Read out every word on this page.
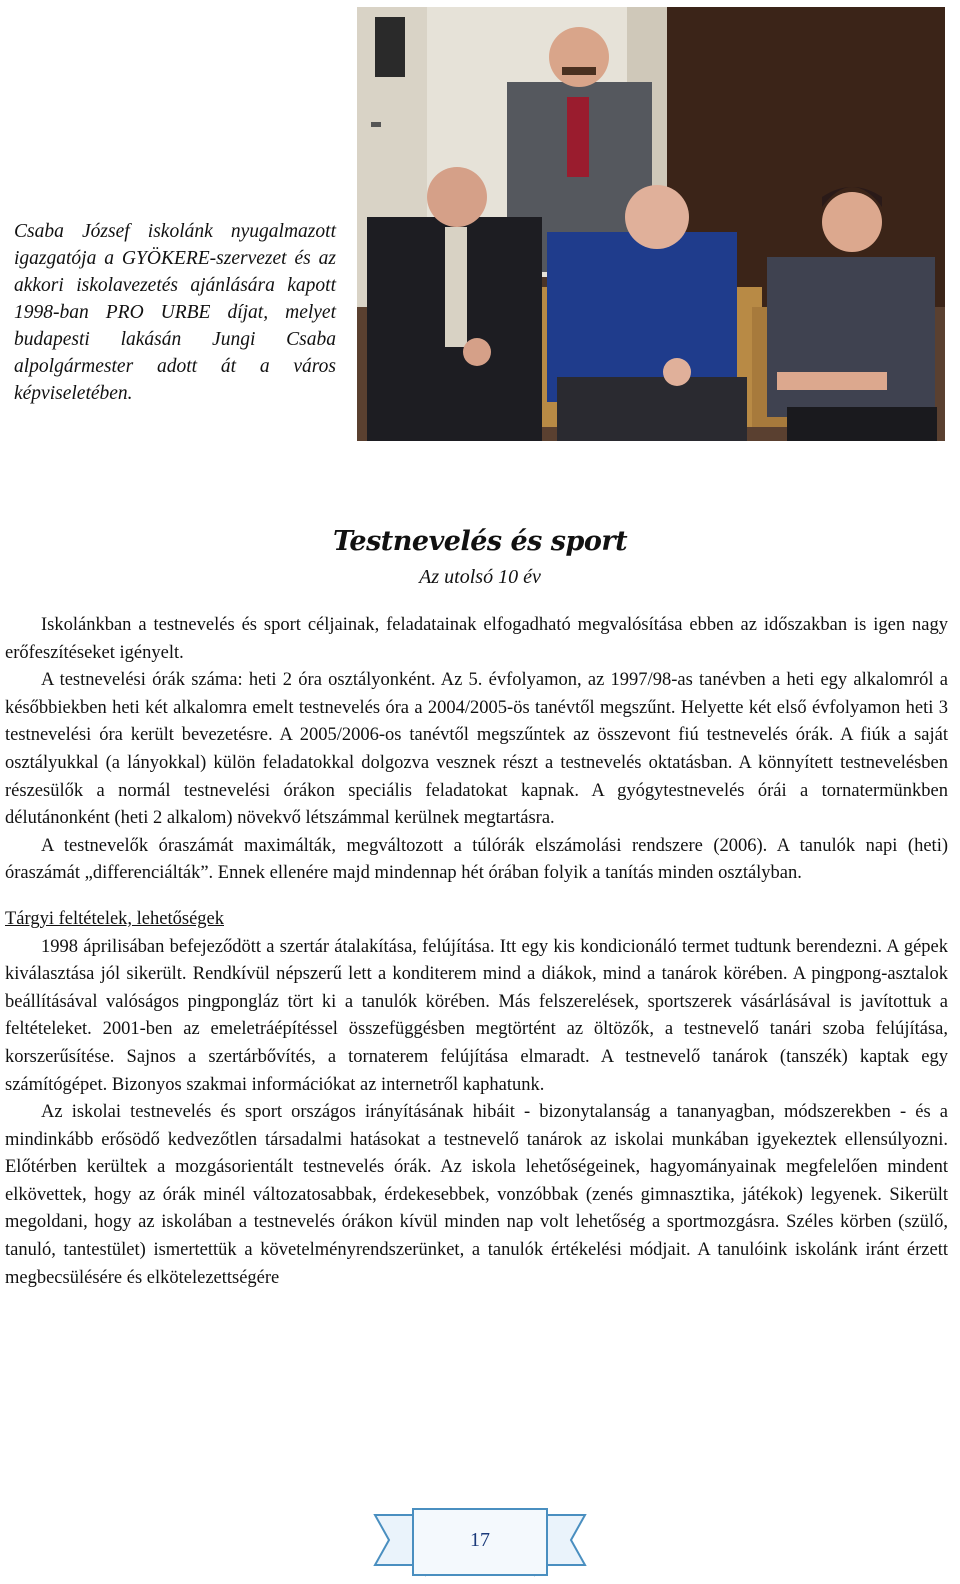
Csaba József iskolánk nyugalmazott igazgatója a GYÖKERE-szervezet és az akkori iskolavezetés ajánlására kapott 1998-ban PRO URBE díjat, melyet budapesti lakásán Jungi Csaba alpolgármester adott át a város képviseletében.
Testnevelés és sport
Az utolsó 10 év

Iskolánkban a testnevelés és sport céljainak, feladatainak elfogadható megvalósítása ebben az időszakban is igen nagy erőfeszítéseket igényelt.

A testnevelési órák száma: heti 2 óra osztályonként. Az 5. évfolyamon, az 1997/98-as tanévben a heti egy alkalomról a későbbiekben heti két alkalomra emelt testnevelés óra a 2004/2005-ös tanévtől megszűnt. Helyette két első évfolyamon heti 3 testnevelési óra került bevezetésre. A 2005/2006-os tanévtől megszűntek az összevont fiú testnevelés órák. A fiúk a saját osztályukkal (a lányokkal) külön feladatokkal dolgozva vesznek részt a testnevelés oktatásban. A könnyített testnevelésben részesülők a normál testnevelési órákon speciális feladatokat kapnak. A gyógytestnevelés órái a tornatermünkben délutánonként (heti 2 alkalom) növekvő létszámmal kerülnek megtartásra.

A testnevelők óraszámát maximálták, megváltozott a túlórák elszámolási rendszere (2006). A tanulók napi (heti) óraszámát „differenciálták”. Ennek ellenére majd mindennap hét órában folyik a tanítás minden osztályban.

Tárgyi feltételek, lehetőségek

1998 áprilisában befejeződött a szertár átalakítása, felújítása. Itt egy kis kondicionáló termet tudtunk berendezni. A gépek kiválasztása jól sikerült. Rendkívül népszerű lett a konditerem mind a diákok, mind a tanárok körében. A pingpong-asztalok beállításával valóságos pingpongláz tört ki a tanulók körében. Más felszerelések, sportszerek vásárlásával is javítottuk a feltételeket. 2001-ben az emeletráépítéssel összefüggésben megtörtént az öltözők, a testnevelő tanári szoba felújítása, korszerűsítése. Sajnos a szertárbővítés, a tornaterem felújítása elmaradt. A testnevelő tanárok (tanszék) kaptak egy számítógépet. Bizonyos szakmai információkat az internetről kaphatunk.

Az iskolai testnevelés és sport országos irányításának hibáit - bizonytalanság a tananyagban, módszerekben - és a mindinkább erősödő kedvezőtlen társadalmi hatásokat a testnevelő tanárok az iskolai munkában igyekeztek ellensúlyozni. Előtérben kerültek a mozgásorientált testnevelés órák. Az iskola lehetőségeinek, hagyományainak megfelelően mindent elkövettek, hogy az órák minél változatosabbak, érdekesebbek, vonzóbbak (zenés gimnasztika, játékok) legyenek. Sikerült megoldani, hogy az iskolában a testnevelés órákon kívül minden nap volt lehetőség a sportmozgásra. Széles körben (szülő, tanuló, tantestület) ismertettük a követelményrendszerünket, a tanulók értékelési módjait. A tanulóink iskolánk iránt érzett megbecsülésére és elkötelezettségére

17
